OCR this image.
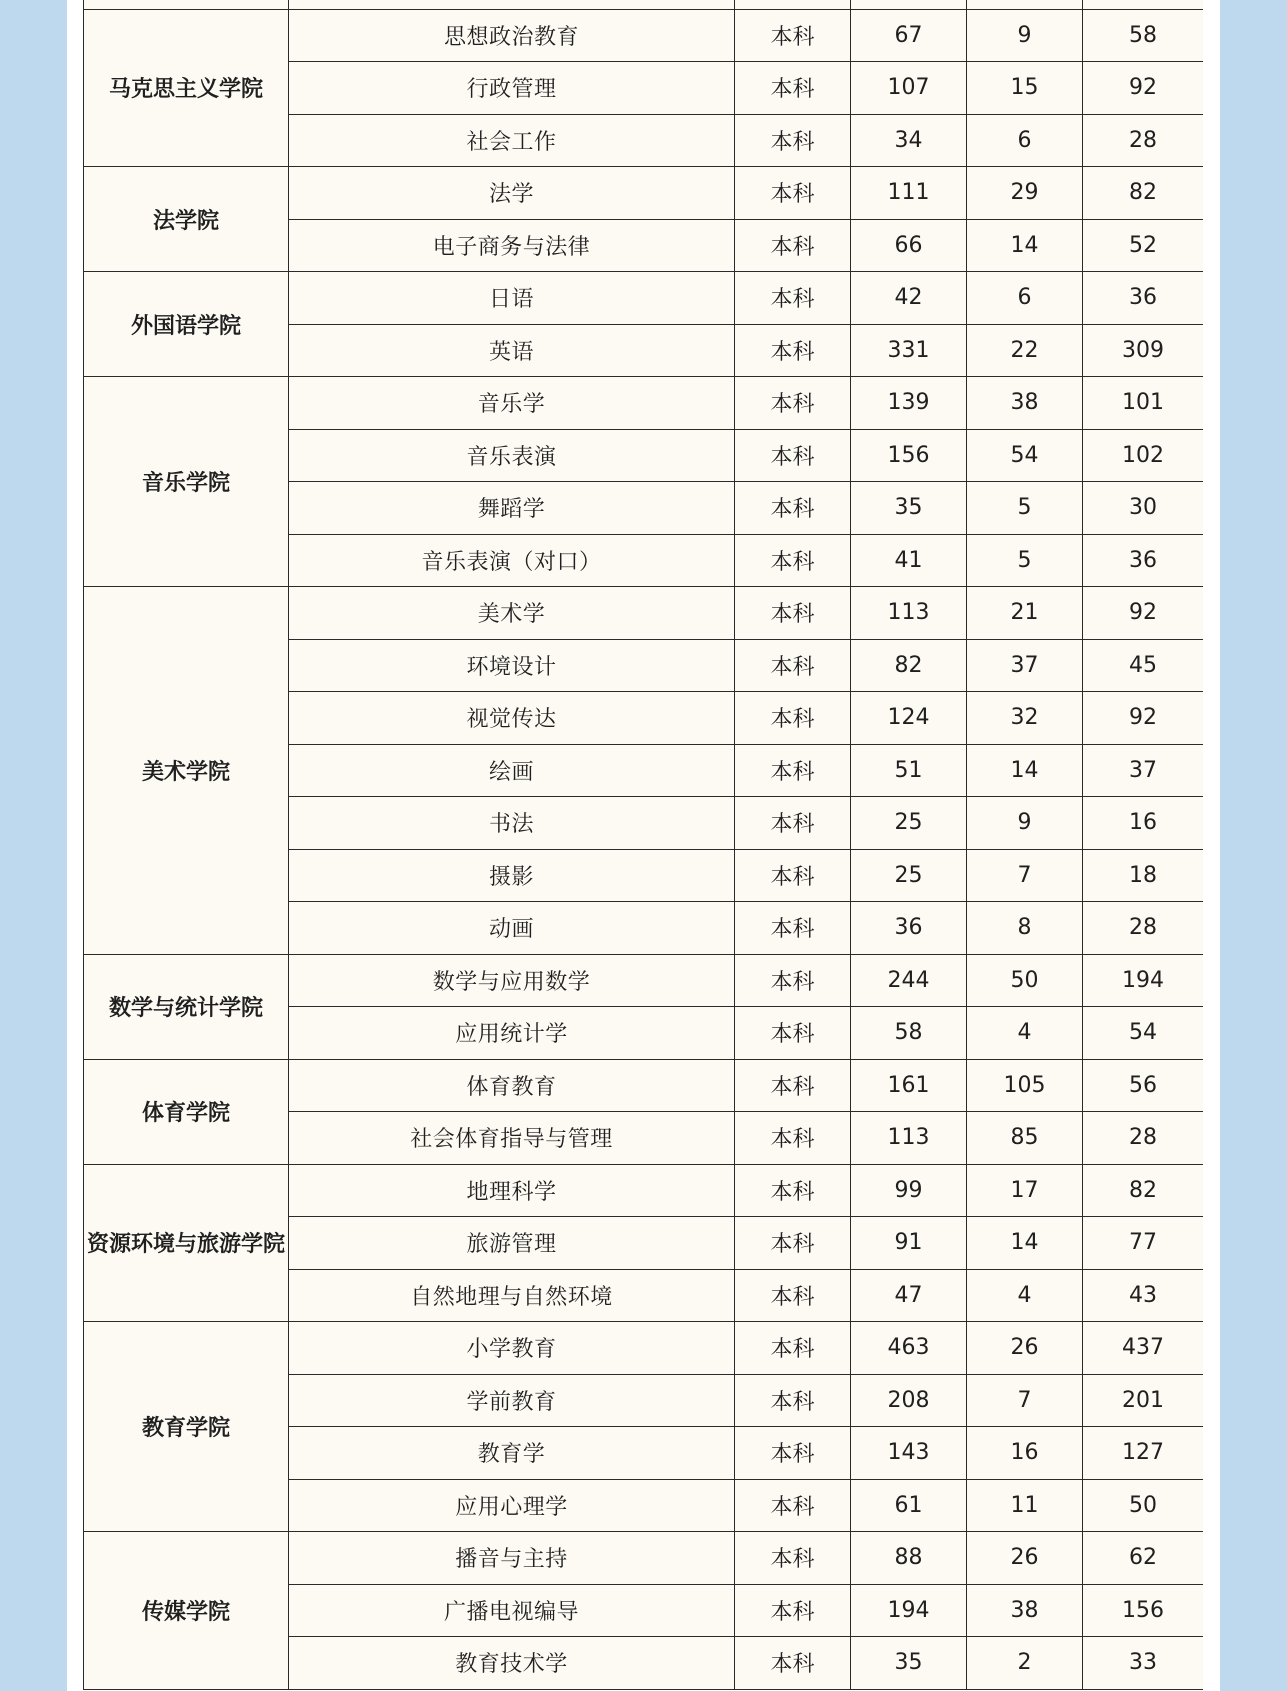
马克思主义学院	思想政治教育	本科	67	9	58
	行政管理	本科	107	15	92
	社会工作	本科	34	6	28
法学院	法学	本科	111	29	82
	电子商务与法律	本科	66	14	52
外国语学院	日语	本科	42	6	36
	英语	本科	331	22	309
音乐学院	音乐学	本科	139	38	101
	音乐表演	本科	156	54	102
	舞蹈学	本科	35	5	30
	音乐表演（对口）	本科	41	5	36
美术学院	美术学	本科	113	21	92
	环境设计	本科	82	37	45
	视觉传达	本科	124	32	92
	绘画	本科	51	14	37
	书法	本科	25	9	16
	摄影	本科	25	7	18
	动画	本科	36	8	28
数学与统计学院	数学与应用数学	本科	244	50	194
	应用统计学	本科	58	4	54
体育学院	体育教育	本科	161	105	56
	社会体育指导与管理	本科	113	85	28
资源环境与旅游学院	地理科学	本科	99	17	82
	旅游管理	本科	91	14	77
	自然地理与自然环境	本科	47	4	43
教育学院	小学教育	本科	463	26	437
	学前教育	本科	208	7	201
	教育学	本科	143	16	127
	应用心理学	本科	61	11	50
传媒学院	播音与主持	本科	88	26	62
	广播电视编导	本科	194	38	156
	教育技术学	本科	35	2	33
